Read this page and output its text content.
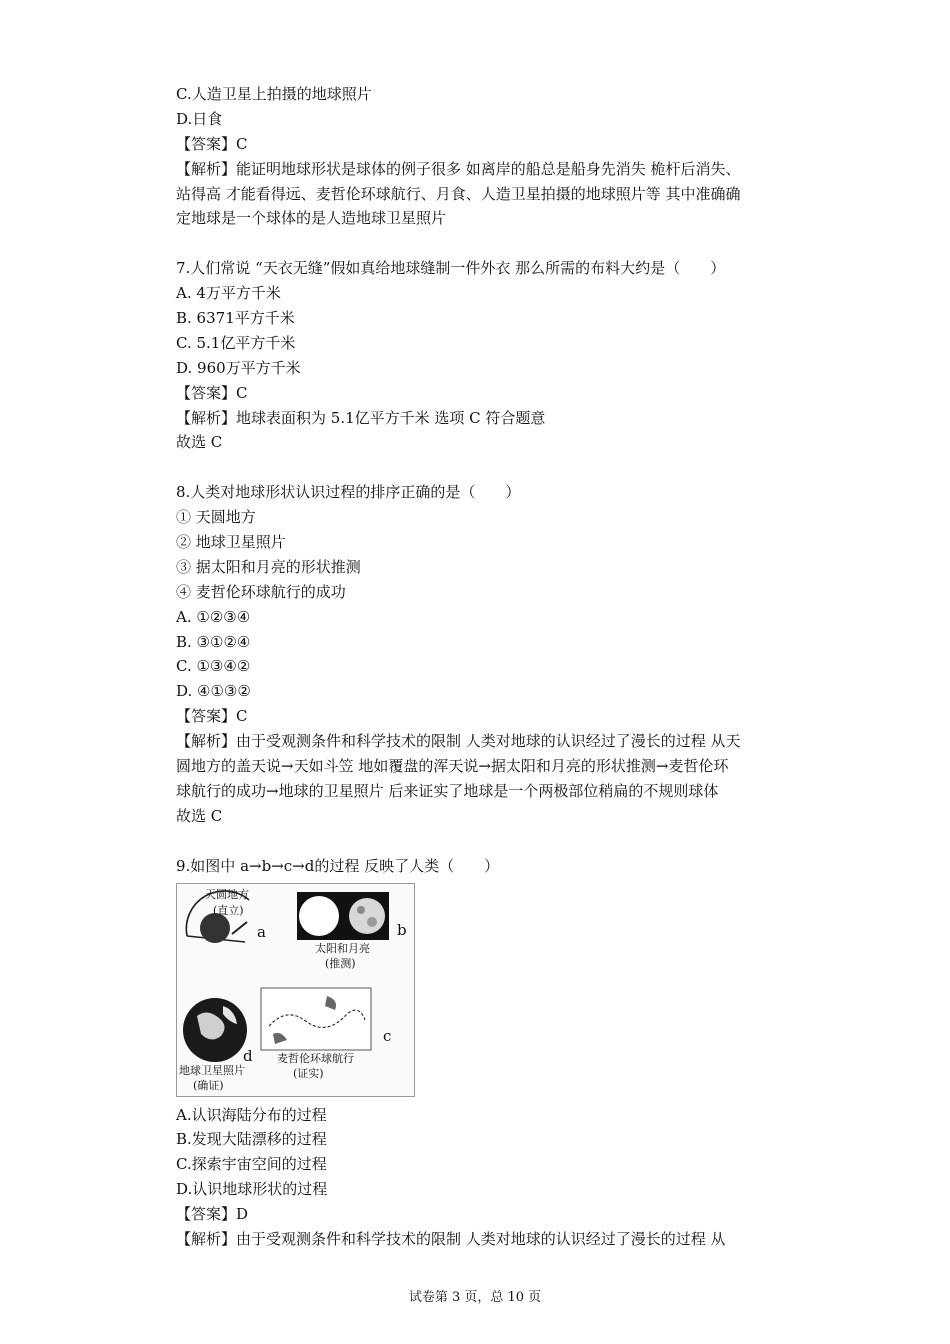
C.人造卫星上拍摄的地球照片
D.日食
【答案】C
【解析】能证明地球形状是球体的例子很多 如离岸的船总是船身先消失 桅杆后消失、
站得高 才能看得远、麦哲伦环球航行、月食、人造卫星拍摄的地球照片等 其中准确确
定地球是一个球体的是人造地球卫星照片
7.人们常说 “天衣无缝”假如真给地球缝制一件外衣 那么所需的布料大约是（　　）
A. 4万平方千米
B. 6371平方千米
C. 5.1亿平方千米
D. 960万平方千米
【答案】C
【解析】地球表面积为 5.1亿平方千米 选项 C 符合题意
故选 C
8.人类对地球形状认识过程的排序正确的是（　　）
① 天圆地方
② 地球卫星照片
③ 据太阳和月亮的形状推测
④ 麦哲伦环球航行的成功
A. ①②③④
B. ③①②④
C. ①③④②
D. ④①③②
【答案】C
【解析】由于受观测条件和科学技术的限制 人类对地球的认识经过了漫长的过程 从天
圆地方的盖天说→天如斗笠 地如覆盘的浑天说→据太阳和月亮的形状推测→麦哲伦环
球航行的成功→地球的卫星照片 后来证实了地球是一个两极部位稍扁的不规则球体
故选 C
9.如图中 a→b→c→d的过程 反映了人类（　　）
天圆地方
(直立)
a
太阳和月亮
(推测)
b
c
麦哲伦环球航行
(证实)
d
地球卫星照片
(确证)
A.认识海陆分布的过程
B.发现大陆漂移的过程
C.探索宇宙空间的过程
D.认识地球形状的过程
【答案】D
【解析】由于受观测条件和科学技术的限制 人类对地球的认识经过了漫长的过程 从
试卷第 3 页，总 10 页
